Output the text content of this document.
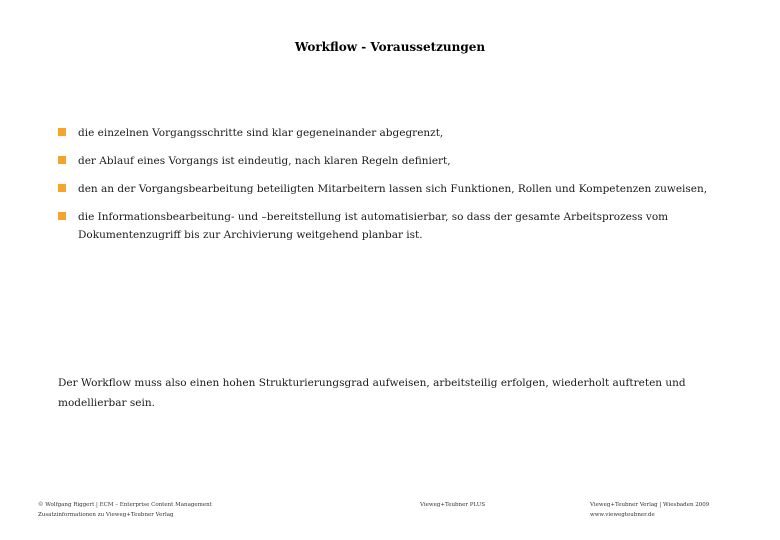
Workflow - Voraussetzungen
die einzelnen Vorgangsschritte sind klar gegeneinander abgegrenzt,
der Ablauf eines Vorgangs ist eindeutig, nach klaren Regeln definiert,
den an der Vorgangsbearbeitung beteiligten Mitarbeitern lassen sich Funktionen, Rollen und Kompetenzen zuweisen,
die Informationsbearbeitung- und –bereitstellung ist automatisierbar, so dass der gesamte Arbeitsprozess vom Dokumentenzugriff bis zur Archivierung weitgehend planbar ist.
Der Workflow muss also einen hohen Strukturierungsgrad aufweisen, arbeitsteilig erfolgen, wiederholt auftreten und modellierbar sein.
© Wolfgang Riggert | ECM – Enterprise Content Management
Zusatzinformationen zu Vieweg+Teubner Verlag
Vieweg+Teubner PLUS	Vieweg+Teubner Verlag | Wiesbaden 2009
www.viewegteubner.de
